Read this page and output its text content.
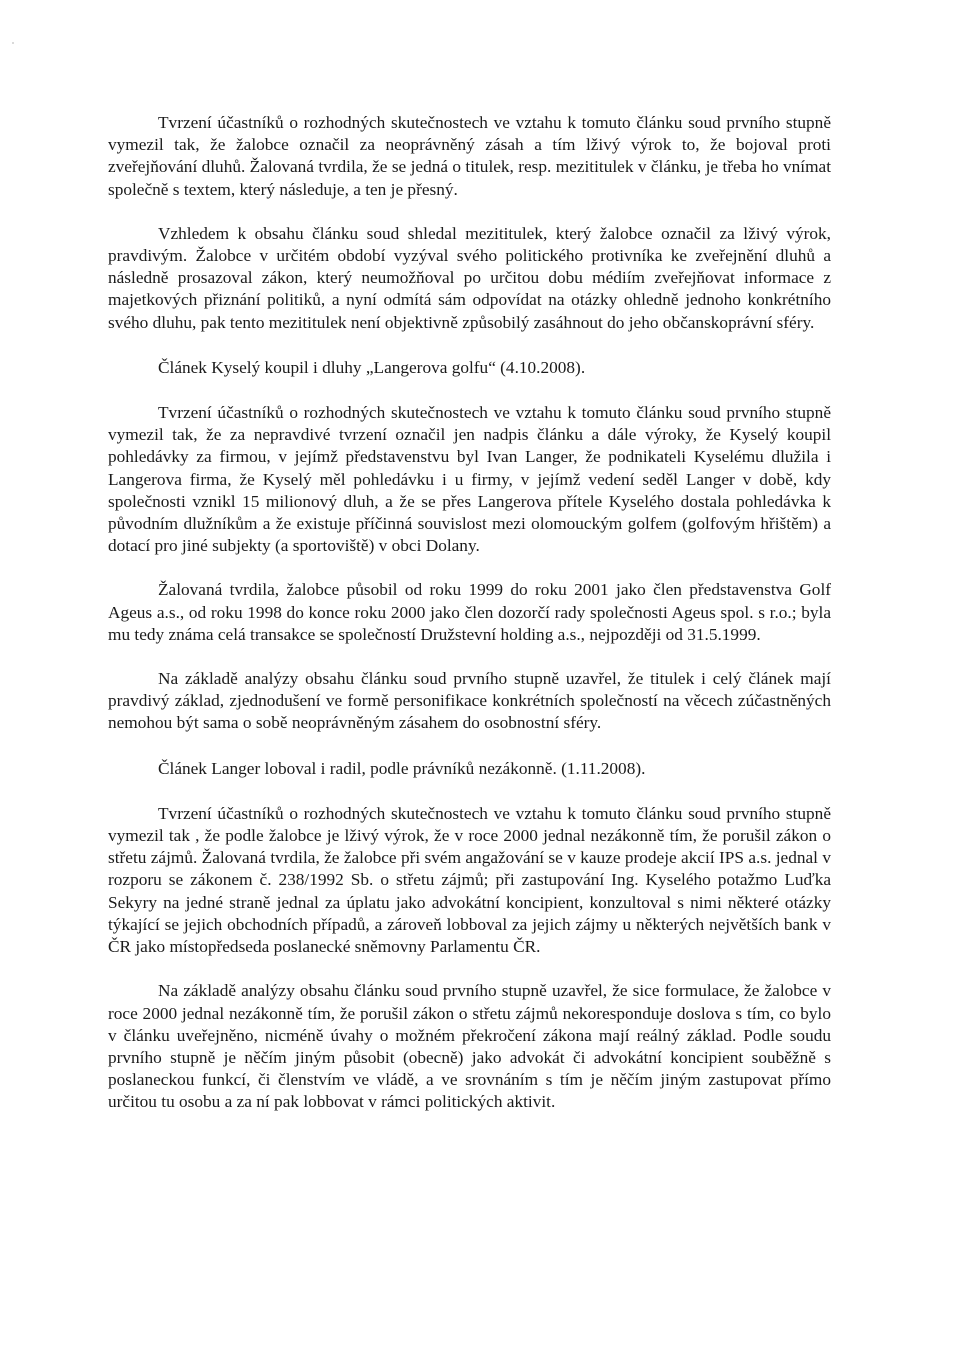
Tvrzení účastníků o rozhodných skutečnostech ve vztahu k tomuto článku soud prvního stupně vymezil tak, že žalobce označil za neoprávněný zásah a tím lživý výrok to, že bojoval proti zveřejňování dluhů. Žalovaná tvrdila, že se jedná o titulek, resp. mezititulek v článku, je třeba ho vnímat společně s textem, který následuje, a ten je přesný.

Vzhledem k obsahu článku soud shledal mezititulek, který žalobce označil za lživý výrok, pravdivým. Žalobce v určitém období vyzýval svého politického protivníka ke zveřejnění dluhů a následně prosazoval zákon, který neumožňoval po určitou dobu médiím zveřejňovat informace z majetkových přiznání politiků, a nyní odmítá sám odpovídat na otázky ohledně jednoho konkrétního svého dluhu, pak tento mezititulek není objektivně způsobilý zasáhnout do jeho občanskoprávní sféry.

Článek Kyselý koupil i dluhy „Langerova golfu“ (4.10.2008).

Tvrzení účastníků o rozhodných skutečnostech ve vztahu k tomuto článku soud prvního stupně vymezil tak, že za nepravdivé tvrzení označil jen nadpis článku a dále výroky, že Kyselý koupil pohledávky za firmou, v jejímž představenstvu byl Ivan Langer, že podnikateli Kyselému dlužila i Langerova firma, že Kyselý měl pohledávku i u firmy, v jejímž vedení seděl Langer v době, kdy společnosti vznikl 15 milionový dluh, a že se přes Langerova přítele Kyselého dostala pohledávka k původním dlužníkům a že existuje příčinná souvislost mezi olomouckým golfem (golfovým hřištěm) a dotací pro jiné subjekty (a sportoviště) v obci Dolany.

Žalovaná tvrdila, žalobce působil od roku 1999 do roku 2001 jako člen představenstva Golf Ageus a.s., od roku 1998 do konce roku 2000 jako člen dozorčí rady společnosti Ageus spol. s r.o.; byla mu tedy známa celá transakce se společností Družstevní holding a.s., nejpozději od 31.5.1999.

Na základě analýzy obsahu článku soud prvního stupně uzavřel, že titulek i celý článek mají pravdivý základ, zjednodušení ve formě personifikace konkrétních společností na věcech zúčastněných nemohou být sama o sobě neoprávněným zásahem do osobnostní sféry.

Článek Langer loboval i radil, podle právníků nezákonně. (1.11.2008).

Tvrzení účastníků o rozhodných skutečnostech ve vztahu k tomuto článku soud prvního stupně vymezil tak , že podle žalobce je lživý výrok, že v roce 2000 jednal nezákonně tím, že porušil zákon o střetu zájmů. Žalovaná tvrdila, že žalobce při svém angažování se v kauze prodeje akcií IPS a.s. jednal v rozporu se zákonem č. 238/1992 Sb. o střetu zájmů; při zastupování Ing. Kyselého potažmo Luďka Sekyry na jedné straně jednal za úplatu jako advokátní koncipient, konzultoval s nimi některé otázky týkající se jejich obchodních případů, a zároveň lobboval za jejich zájmy u některých největších bank v ČR jako místopředseda poslanecké sněmovny Parlamentu ČR.

Na základě analýzy obsahu článku soud prvního stupně uzavřel, že sice formulace, že žalobce v roce 2000 jednal nezákonně tím, že porušil zákon o střetu zájmů nekoresponduje doslova s tím, co bylo v článku uveřejněno, nicméně úvahy o možném překročení zákona mají reálný základ. Podle soudu prvního stupně je něčím jiným působit (obecně) jako advokát či advokátní koncipient souběžně s poslaneckou funkcí, či členstvím ve vládě, a ve srovnáním s tím je něčím jiným zastupovat přímo určitou tu osobu a za ní pak lobbovat v rámci politických aktivit.
